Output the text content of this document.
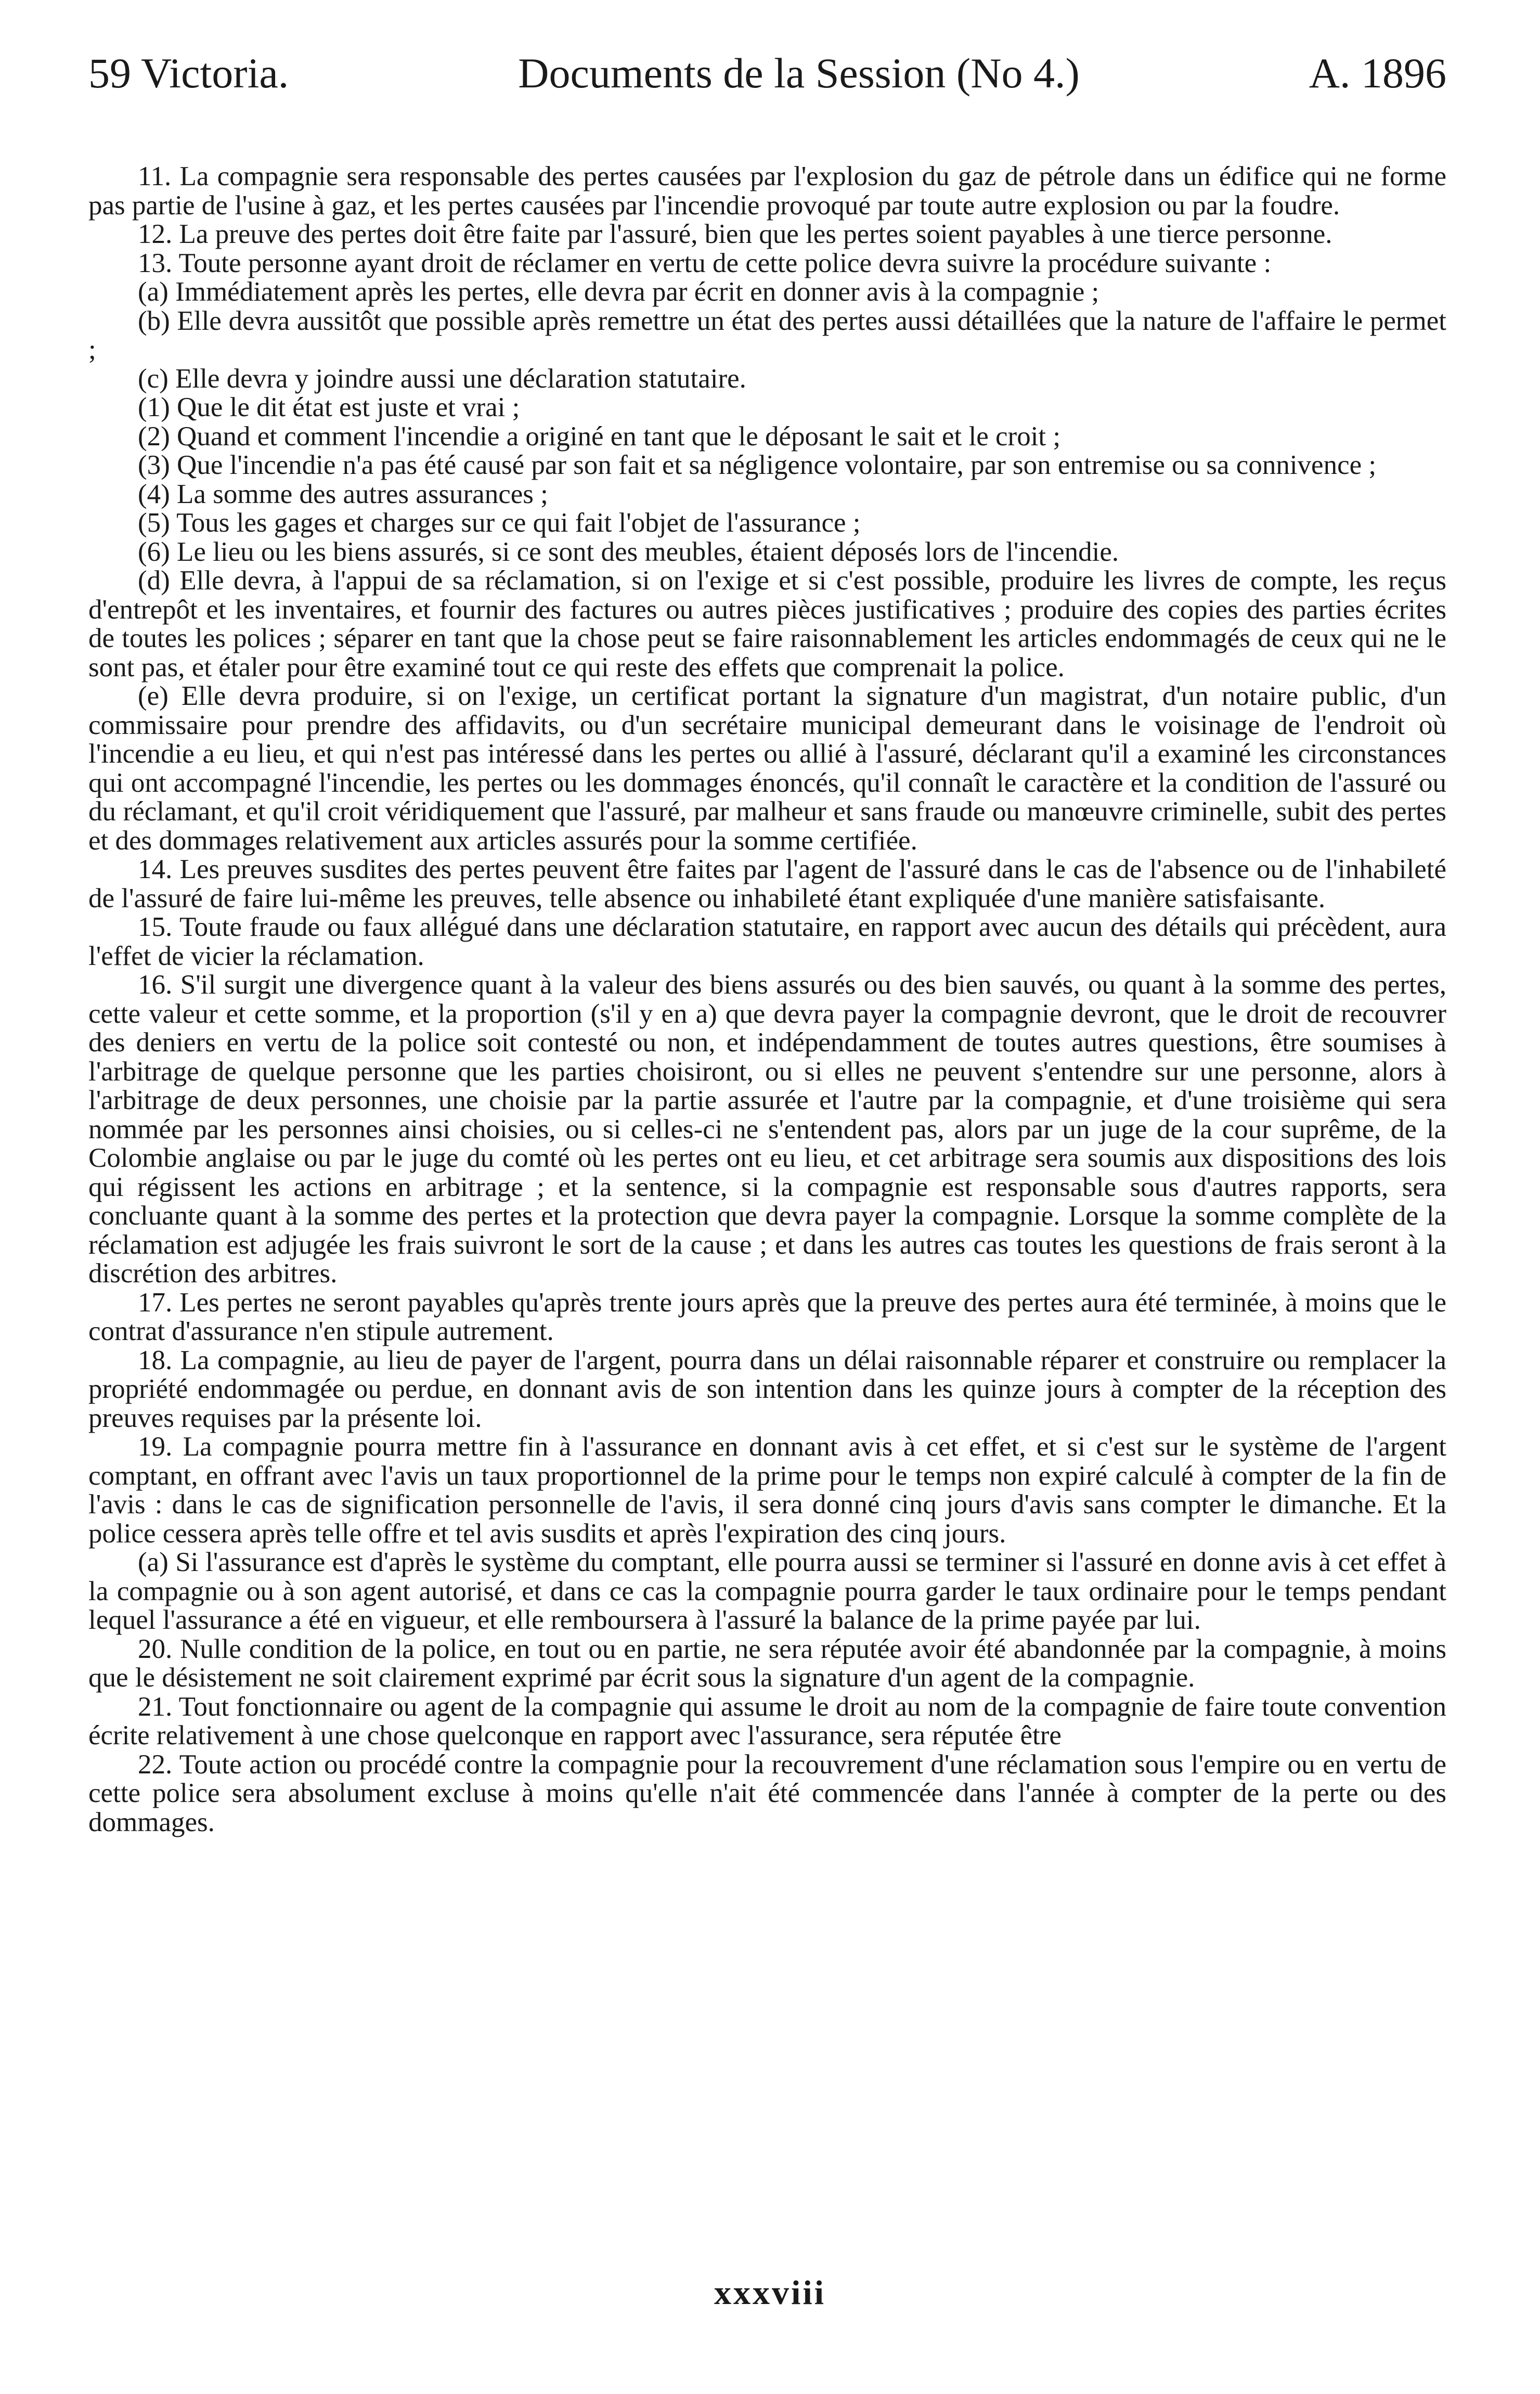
59 Victoria.	Documents de la Session (No 4.)	A. 1896

11. La compagnie sera responsable des pertes causées par l'explosion du gaz de pétrole dans un édifice qui ne forme pas partie de l'usine à gaz, et les pertes causées par l'incendie provoqué par toute autre explosion ou par la foudre.

12. La preuve des pertes doit être faite par l'assuré, bien que les pertes soient payables à une tierce personne.

13. Toute personne ayant droit de réclamer en vertu de cette police devra suivre la procédure suivante :

(a) Immédiatement après les pertes, elle devra par écrit en donner avis à la compagnie ;

(b) Elle devra aussitôt que possible après remettre un état des pertes aussi détaillées que la nature de l'affaire le permet ;

(c) Elle devra y joindre aussi une déclaration statutaire.

(1) Que le dit état est juste et vrai ;

(2) Quand et comment l'incendie a originé en tant que le déposant le sait et le croit ;

(3) Que l'incendie n'a pas été causé par son fait et sa négligence volontaire, par son entremise ou sa connivence ;

(4) La somme des autres assurances ;

(5) Tous les gages et charges sur ce qui fait l'objet de l'assurance ;

(6) Le lieu ou les biens assurés, si ce sont des meubles, étaient déposés lors de l'incendie.

(d) Elle devra, à l'appui de sa réclamation, si on l'exige et si c'est possible, produire les livres de compte, les reçus d'entrepôt et les inventaires, et fournir des factures ou autres pièces justificatives ; produire des copies des parties écrites de toutes les polices ; séparer en tant que la chose peut se faire raisonnablement les articles endommagés de ceux qui ne le sont pas, et étaler pour être examiné tout ce qui reste des effets que comprenait la police.

(e) Elle devra produire, si on l'exige, un certificat portant la signature d'un magistrat, d'un notaire public, d'un commissaire pour prendre des affidavits, ou d'un secrétaire municipal demeurant dans le voisinage de l'endroit où l'incendie a eu lieu, et qui n'est pas intéressé dans les pertes ou allié à l'assuré, déclarant qu'il a examiné les circonstances qui ont accompagné l'incendie, les pertes ou les dommages énoncés, qu'il connaît le caractère et la condition de l'assuré ou du réclamant, et qu'il croit véridiquement que l'assuré, par malheur et sans fraude ou manœuvre criminelle, subit des pertes et des dommages relativement aux articles assurés pour la somme certifiée.

14. Les preuves susdites des pertes peuvent être faites par l'agent de l'assuré dans le cas de l'absence ou de l'inhabileté de l'assuré de faire lui-même les preuves, telle absence ou inhabileté étant expliquée d'une manière satisfaisante.

15. Toute fraude ou faux allégué dans une déclaration statutaire, en rapport avec aucun des détails qui précèdent, aura l'effet de vicier la réclamation.

16. S'il surgit une divergence quant à la valeur des biens assurés ou des bien sauvés, ou quant à la somme des pertes, cette valeur et cette somme, et la proportion (s'il y en a) que devra payer la compagnie devront, que le droit de recouvrer des deniers en vertu de la police soit contesté ou non, et indépendamment de toutes autres questions, être soumises à l'arbitrage de quelque personne que les parties choisiront, ou si elles ne peuvent s'entendre sur une personne, alors à l'arbitrage de deux personnes, une choisie par la partie assurée et l'autre par la compagnie, et d'une troisième qui sera nommée par les personnes ainsi choisies, ou si celles-ci ne s'entendent pas, alors par un juge de la cour suprême, de la Colombie anglaise ou par le juge du comté où les pertes ont eu lieu, et cet arbitrage sera soumis aux dispositions des lois qui régissent les actions en arbitrage ; et la sentence, si la compagnie est responsable sous d'autres rapports, sera concluante quant à la somme des pertes et la protection que devra payer la compagnie. Lorsque la somme complète de la réclamation est adjugée les frais suivront le sort de la cause ; et dans les autres cas toutes les questions de frais seront à la discrétion des arbitres.

17. Les pertes ne seront payables qu'après trente jours après que la preuve des pertes aura été terminée, à moins que le contrat d'assurance n'en stipule autrement.

18. La compagnie, au lieu de payer de l'argent, pourra dans un délai raisonnable réparer et construire ou remplacer la propriété endommagée ou perdue, en donnant avis de son intention dans les quinze jours à compter de la réception des preuves requises par la présente loi.

19. La compagnie pourra mettre fin à l'assurance en donnant avis à cet effet, et si c'est sur le système de l'argent comptant, en offrant avec l'avis un taux proportionnel de la prime pour le temps non expiré calculé à compter de la fin de l'avis : dans le cas de signification personnelle de l'avis, il sera donné cinq jours d'avis sans compter le dimanche. Et la police cessera après telle offre et tel avis susdits et après l'expiration des cinq jours.

(a) Si l'assurance est d'après le système du comptant, elle pourra aussi se terminer si l'assuré en donne avis à cet effet à la compagnie ou à son agent autorisé, et dans ce cas la compagnie pourra garder le taux ordinaire pour le temps pendant lequel l'assurance a été en vigueur, et elle remboursera à l'assuré la balance de la prime payée par lui.

20. Nulle condition de la police, en tout ou en partie, ne sera réputée avoir été abandonnée par la compagnie, à moins que le désistement ne soit clairement exprimé par écrit sous la signature d'un agent de la compagnie.

21. Tout fonctionnaire ou agent de la compagnie qui assume le droit au nom de la compagnie de faire toute convention écrite relativement à une chose quelconque en rapport avec l'assurance, sera réputée être

22. Toute action ou procédé contre la compagnie pour la recouvrement d'une réclamation sous l'empire ou en vertu de cette police sera absolument excluse à moins qu'elle n'ait été commencée dans l'année à compter de la perte ou des dommages.

xxxviii
